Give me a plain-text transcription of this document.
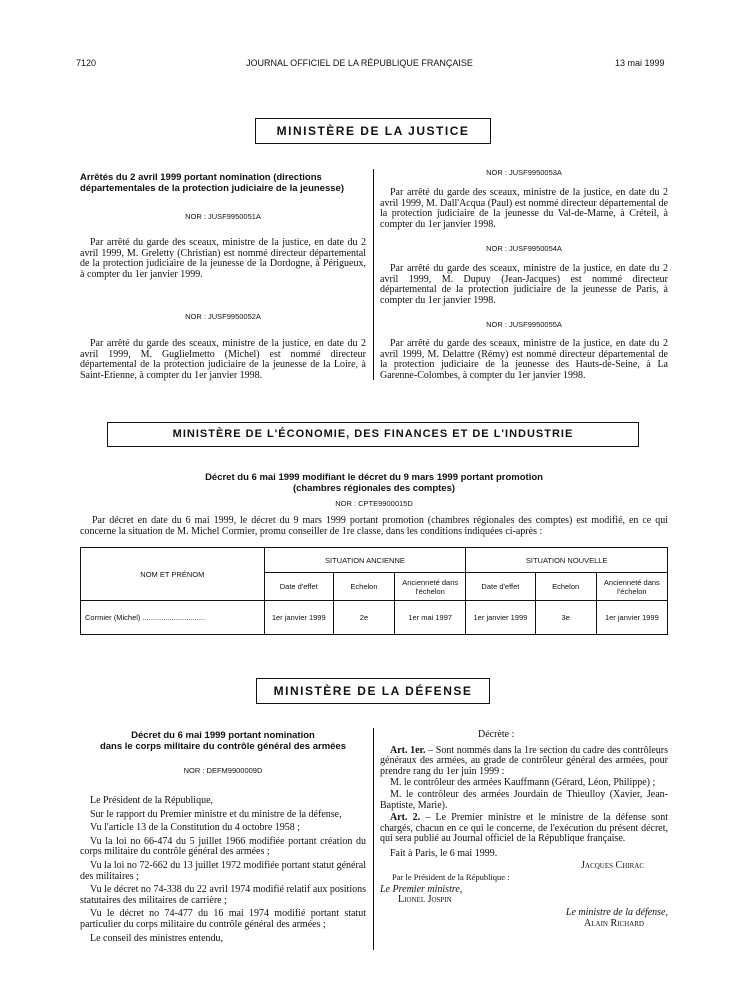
7120	JOURNAL OFFICIEL DE LA RÉPUBLIQUE FRANÇAISE	13 mai 1999
MINISTÈRE DE LA JUSTICE
Arrêtés du 2 avril 1999 portant nomination (directions départementales de la protection judiciaire de la jeunesse)
NOR : JUSF9950051A

Par arrêté du garde des sceaux, ministre de la justice, en date du 2 avril 1999, M. Greletty (Christian) est nommé directeur départemental de la protection judiciaire de la jeunesse de la Dordogne, à Périgueux, à compter du 1er janvier 1999.

NOR : JUSF9950052A

Par arrêté du garde des sceaux, ministre de la justice, en date du 2 avril 1999, M. Guglielmetto (Michel) est nommé directeur départemental de la protection judiciaire de la jeunesse de la Loire, à Saint-Etienne, à compter du 1er janvier 1998.

NOR : JUSF9950053A

Par arrêté du garde des sceaux, ministre de la justice, en date du 2 avril 1999, M. Dall'Acqua (Paul) est nommé directeur départemental de la protection judiciaire de la jeunesse du Val-de-Marne, à Créteil, à compter du 1er janvier 1998.

NOR : JUSF9950054A

Par arrêté du garde des sceaux, ministre de la justice, en date du 2 avril 1999, M. Dupuy (Jean-Jacques) est nommé directeur départemental de la protection judiciaire de la jeunesse de Paris, à compter du 1er janvier 1998.

NOR : JUSF9950055A

Par arrêté du garde des sceaux, ministre de la justice, en date du 2 avril 1999, M. Delattre (Rémy) est nommé directeur départemental de la protection judiciaire de la jeunesse des Hauts-de-Seine, à La Garenne-Colombes, à compter du 1er janvier 1998.

MINISTÈRE DE L'ÉCONOMIE, DES FINANCES ET DE L'INDUSTRIE
Décret du 6 mai 1999 modifiant le décret du 9 mars 1999 portant promotion
(chambres régionales des comptes)
NOR : CPTE9900015D

Par décret en date du 6 mai 1999, le décret du 9 mars 1999 portant promotion (chambres régionales des comptes) est modifié, en ce qui concerne la situation de M. Michel Cormier, promu conseiller de 1re classe, dans les conditions indiquées ci-après :

NOM ET PRÉNOM	SITUATION ANCIENNE			SITUATION NOUVELLE		
	Date d'effet	Echelon	Ancienneté dans l'échelon	Date d'effet	Echelon	Ancienneté dans l'échelon
Cormier (Michel) ..............................	1er janvier 1999	2e	1er mai 1997	1er janvier 1999	3e	1er janvier 1999
MINISTÈRE DE LA DÉFENSE
Décret du 6 mai 1999 portant nomination
dans le corps militaire du contrôle général des armées
NOR : DEFM9900009D

Le Président de la République,

Sur le rapport du Premier ministre et du ministre de la défense,

Vu l'article 13 de la Constitution du 4 octobre 1958 ;

Vu la loi no 66-474 du 5 juillet 1966 modifiée portant création du corps militaire du contrôle général des armées ;

Vu la loi no 72-662 du 13 juillet 1972 modifiée portant statut général des militaires ;

Vu le décret no 74-338 du 22 avril 1974 modifié relatif aux positions statutaires des militaires de carrière ;

Vu le décret no 74-477 du 16 mai 1974 modifié portant statut particulier du corps militaire du contrôle général des armées ;

Le conseil des ministres entendu,

Décrète :

Art. 1er. – Sont nommés dans la 1re section du cadre des contrôleurs généraux des armées, au grade de contrôleur général des armées, pour prendre rang du 1er juin 1999 :

M. le contrôleur des armées Kauffmann (Gérard, Léon, Philippe) ;

M. le contrôleur des armées Jourdain de Thieulloy (Xavier, Jean-Baptiste, Marie).

Art. 2. – Le Premier ministre et le ministre de la défense sont chargés, chacun en ce qui le concerne, de l'exécution du présent décret, qui sera publié au Journal officiel de la République française.

Fait à Paris, le 6 mai 1999.

Jacques Chirac

Par le Président de la République :

Le Premier ministre,

Lionel Jospin

Le ministre de la défense,

Alain Richard
